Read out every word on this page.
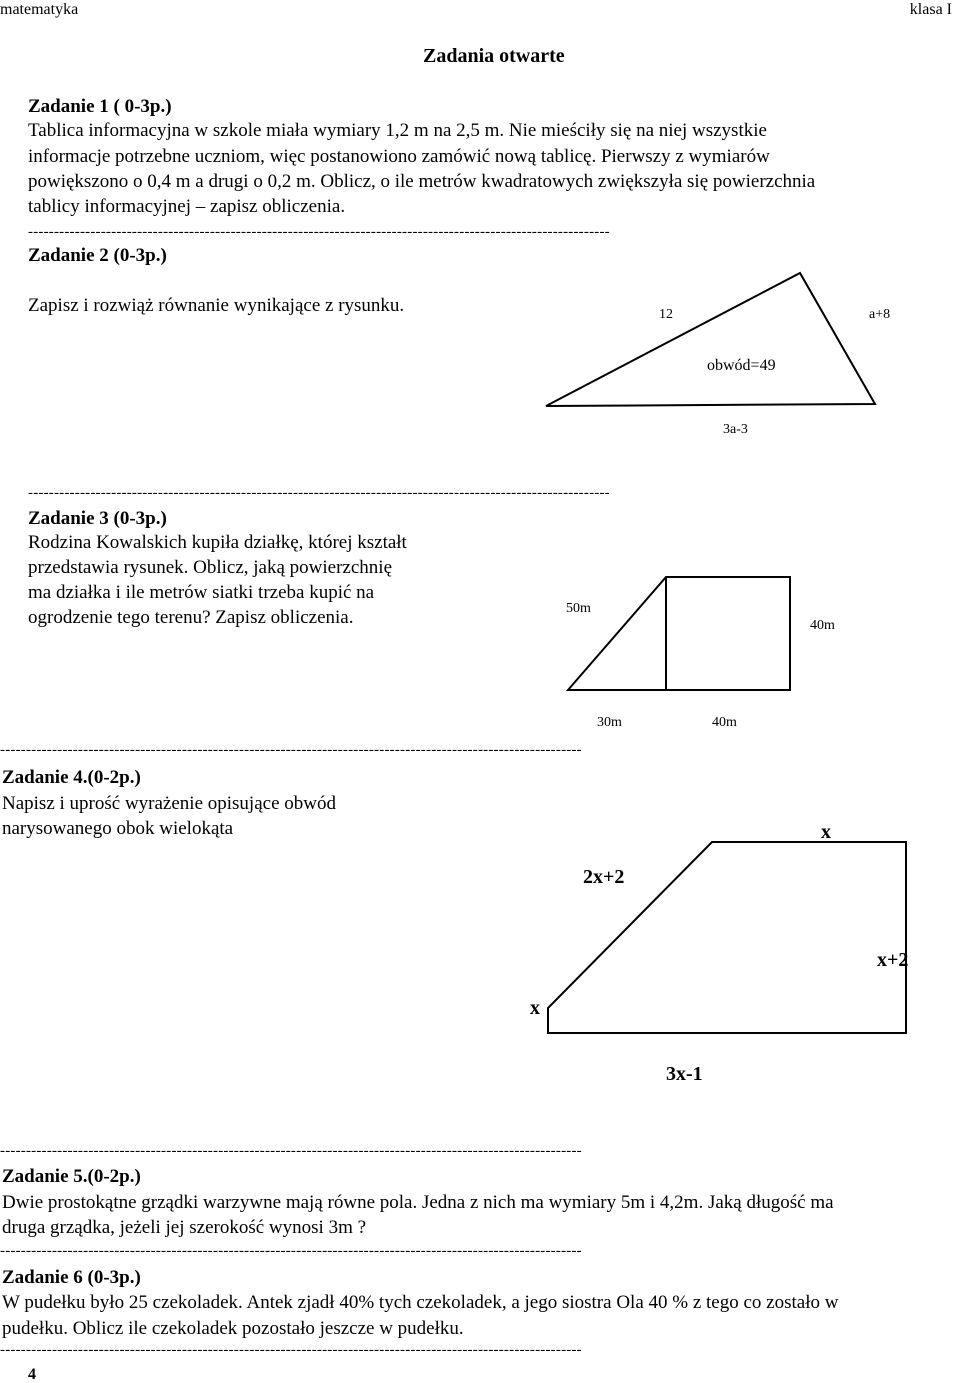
matematyka	klasa I
Zadania otwarte
Zadanie 1 ( 0-3p.)
Tablica informacyjna w szkole miała wymiary 1,2 m na 2,5 m. Nie mieściły się na niej wszystkie
informacje potrzebne uczniom, więc postanowiono zamówić nową tablicę. Pierwszy z wymiarów
powiększono o 0,4 m a drugi o 0,2 m. Oblicz, o ile metrów kwadratowych zwiększyła się powierzchnia
tablicy informacyjnej – zapisz obliczenia.
----------------------------------------------------------------------------------------------------------------
Zadanie 2 (0-3p.)
Zapisz i rozwiąż równanie wynikające z rysunku.	12	a+8
obwód=49
3a-3
----------------------------------------------------------------------------------------------------------------
Zadanie 3 (0-3p.)
Rodzina Kowalskich kupiła działkę, której kształt
przedstawia rysunek. Oblicz, jaką powierzchnię
ma działka i ile metrów siatki trzeba kupić na
ogrodzenie tego terenu? Zapisz obliczenia.	50m
40m
30m	40m
----------------------------------------------------------------------------------------------------------------
Zadanie 4.(0-2p.)
Napisz i uprość wyrażenie opisujące obwód
narysowanego obok wielokąta	x
2x+2
x+2
x
3x-1
----------------------------------------------------------------------------------------------------------------
Zadanie 5.(0-2p.)
Dwie prostokątne grządki warzywne mają równe pola. Jedna z nich ma wymiary 5m i 4,2m. Jaką długość ma
druga grządka, jeżeli jej szerokość wynosi 3m ?
----------------------------------------------------------------------------------------------------------------
Zadanie 6 (0-3p.)
W pudełku było 25 czekoladek. Antek zjadł 40% tych czekoladek, a jego siostra Ola 40 % z tego co zostało w
pudełku. Oblicz ile czekoladek pozostało jeszcze w pudełku.
----------------------------------------------------------------------------------------------------------------
4
